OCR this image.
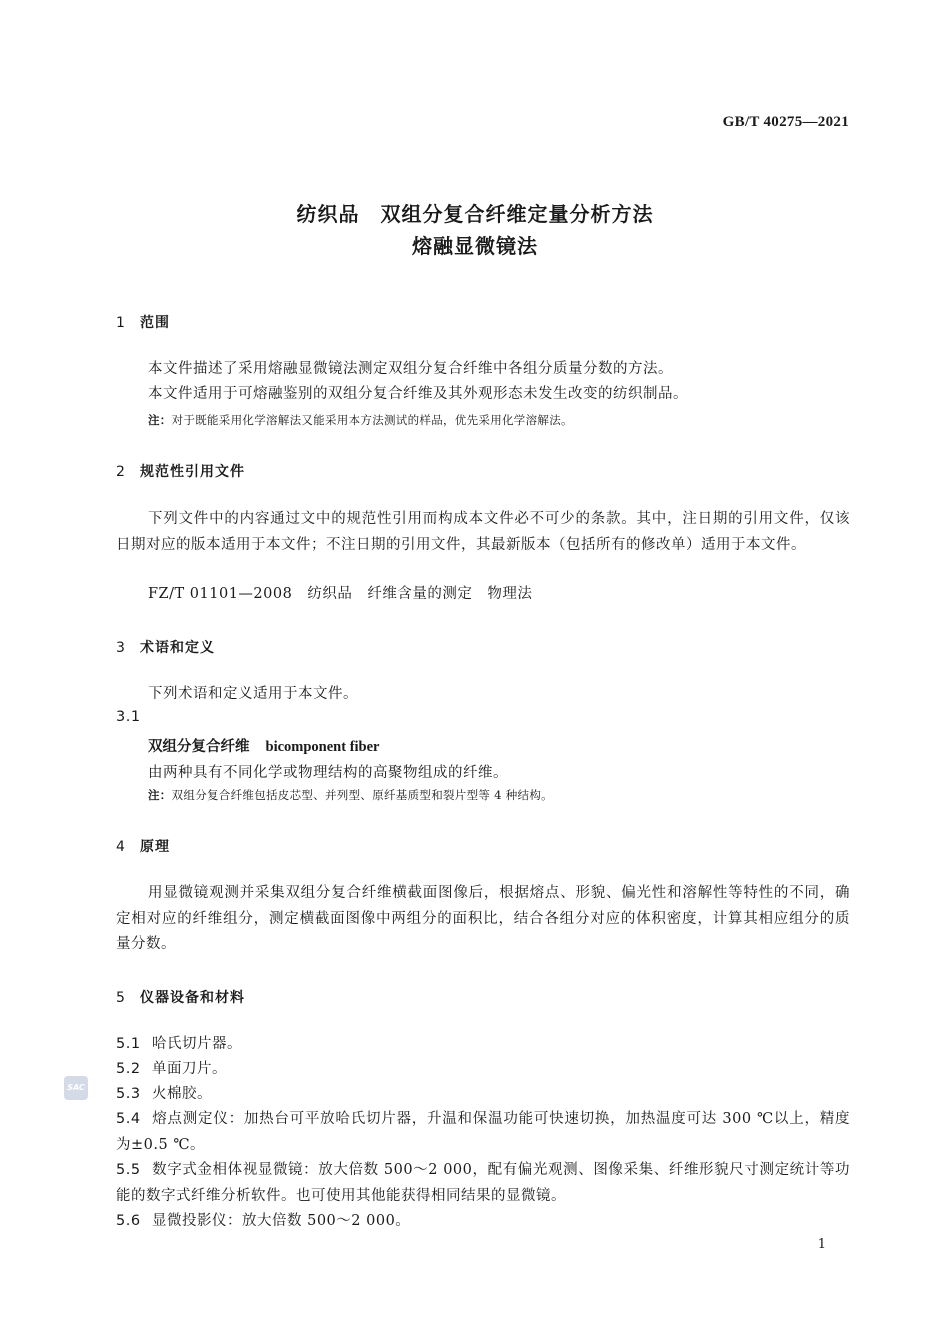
GB/T 40275—2021
纺织品　双组分复合纤维定量分析方法
熔融显微镜法
1 范围
本文件描述了采用熔融显微镜法测定双组分复合纤维中各组分质量分数的方法。
本文件适用于可熔融鉴别的双组分复合纤维及其外观形态未发生改变的纺织制品。
注：对于既能采用化学溶解法又能采用本方法测试的样品，优先采用化学溶解法。
2 规范性引用文件
下列文件中的内容通过文中的规范性引用而构成本文件必不可少的条款。其中，注日期的引用文件，仅该日期对应的版本适用于本文件；不注日期的引用文件，其最新版本（包括所有的修改单）适用于本文件。
FZ/T 01101—2008　纺织品　纤维含量的测定　物理法
3 术语和定义
下列术语和定义适用于本文件。
3.1
双组分复合纤维 bicomponent fiber
由两种具有不同化学或物理结构的高聚物组成的纤维。
注：双组分复合纤维包括皮芯型、并列型、原纤基质型和裂片型等 4 种结构。
4 原理
用显微镜观测并采集双组分复合纤维横截面图像后，根据熔点、形貌、偏光性和溶解性等特性的不同，确定相对应的纤维组分，测定横截面图像中两组分的面积比，结合各组分对应的体积密度，计算其相应组分的质量分数。
5 仪器设备和材料
5.1 哈氏切片器。
5.2 单面刀片。
5.3 火棉胶。
5.4 熔点测定仪：加热台可平放哈氏切片器，升温和保温功能可快速切换，加热温度可达 300 ℃以上，精度为±0.5 ℃。
5.5 数字式金相体视显微镜：放大倍数 500～2 000，配有偏光观测、图像采集、纤维形貌尺寸测定统计等功能的数字式纤维分析软件。也可使用其他能获得相同结果的显微镜。
5.6 显微投影仪：放大倍数 500～2 000。
SAC
1
